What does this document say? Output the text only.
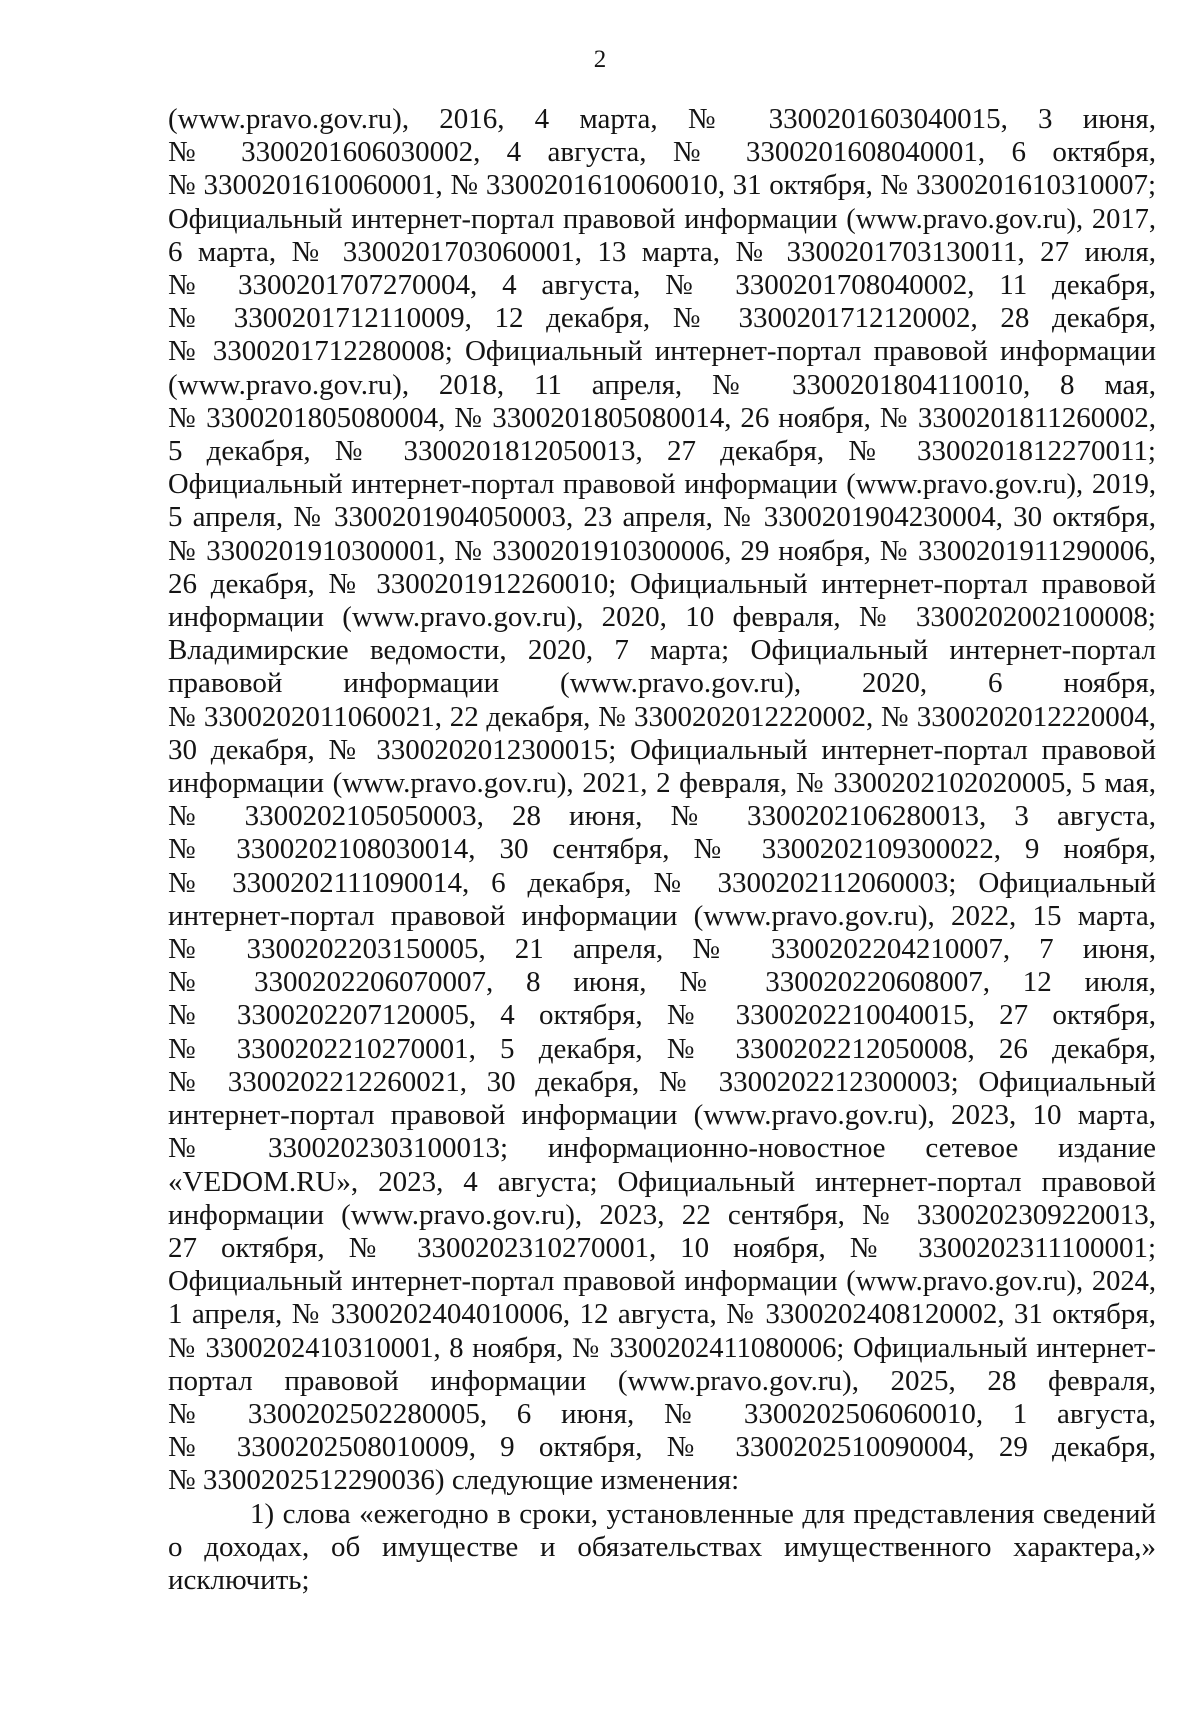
2
(www.pravo.gov.ru), 2016, 4 марта, № 3300201603040015, 3 июня,
№ 3300201606030002, 4 августа, № 3300201608040001, 6 октября,
№ 3300201610060001, № 3300201610060010, 31 октября, № 3300201610310007;
Официальный интернет-портал правовой информации (www.pravo.gov.ru), 2017,
6 марта, № 3300201703060001, 13 марта, № 3300201703130011, 27 июля,
№ 3300201707270004, 4 августа, № 3300201708040002, 11 декабря,
№ 3300201712110009, 12 декабря, № 3300201712120002, 28 декабря,
№ 3300201712280008; Официальный интернет-портал правовой информации
(www.pravo.gov.ru), 2018, 11 апреля, № 3300201804110010, 8 мая,
№ 3300201805080004, № 3300201805080014, 26 ноября, № 3300201811260002,
5 декабря, № 3300201812050013, 27 декабря, № 3300201812270011;
Официальный интернет-портал правовой информации (www.pravo.gov.ru), 2019,
5 апреля, № 3300201904050003, 23 апреля, № 3300201904230004, 30 октября,
№ 3300201910300001, № 3300201910300006, 29 ноября, № 3300201911290006,
26 декабря, № 3300201912260010; Официальный интернет-портал правовой
информации (www.pravo.gov.ru), 2020, 10 февраля, № 3300202002100008;
Владимирские ведомости, 2020, 7 марта; Официальный интернет-портал
правовой информации (www.pravo.gov.ru), 2020, 6 ноября,
№ 3300202011060021, 22 декабря, № 3300202012220002, № 3300202012220004,
30 декабря, № 3300202012300015; Официальный интернет-портал правовой
информации (www.pravo.gov.ru), 2021, 2 февраля, № 3300202102020005, 5 мая,
№ 3300202105050003, 28 июня, № 3300202106280013, 3 августа,
№ 3300202108030014, 30 сентября, № 3300202109300022, 9 ноября,
№ 3300202111090014, 6 декабря, № 3300202112060003; Официальный
интернет-портал правовой информации (www.pravo.gov.ru), 2022, 15 марта,
№ 3300202203150005, 21 апреля, № 3300202204210007, 7 июня,
№ 3300202206070007, 8 июня, № 330020220608007, 12 июля,
№ 3300202207120005, 4 октября, № 3300202210040015, 27 октября,
№ 3300202210270001, 5 декабря, № 3300202212050008, 26 декабря,
№ 3300202212260021, 30 декабря, № 3300202212300003; Официальный
интернет-портал правовой информации (www.pravo.gov.ru), 2023, 10 марта,
№ 3300202303100013; информационно-новостное сетевое издание
«VEDOM.RU», 2023, 4 августа; Официальный интернет-портал правовой
информации (www.pravo.gov.ru), 2023, 22 сентября, № 3300202309220013,
27 октября, № 3300202310270001, 10 ноября, № 3300202311100001;
Официальный интернет-портал правовой информации (www.pravo.gov.ru), 2024,
1 апреля, № 3300202404010006, 12 августа, № 3300202408120002, 31 октября,
№ 3300202410310001, 8 ноября, № 3300202411080006; Официальный интернет-
портал правовой информации (www.pravo.gov.ru), 2025, 28 февраля,
№ 3300202502280005, 6 июня, № 3300202506060010, 1 августа,
№ 3300202508010009, 9 октября, № 3300202510090004, 29 декабря,
№ 3300202512290036) следующие изменения:
1) слова «ежегодно в сроки, установленные для представления сведений
о доходах, об имуществе и обязательствах имущественного характера,»
исключить;
